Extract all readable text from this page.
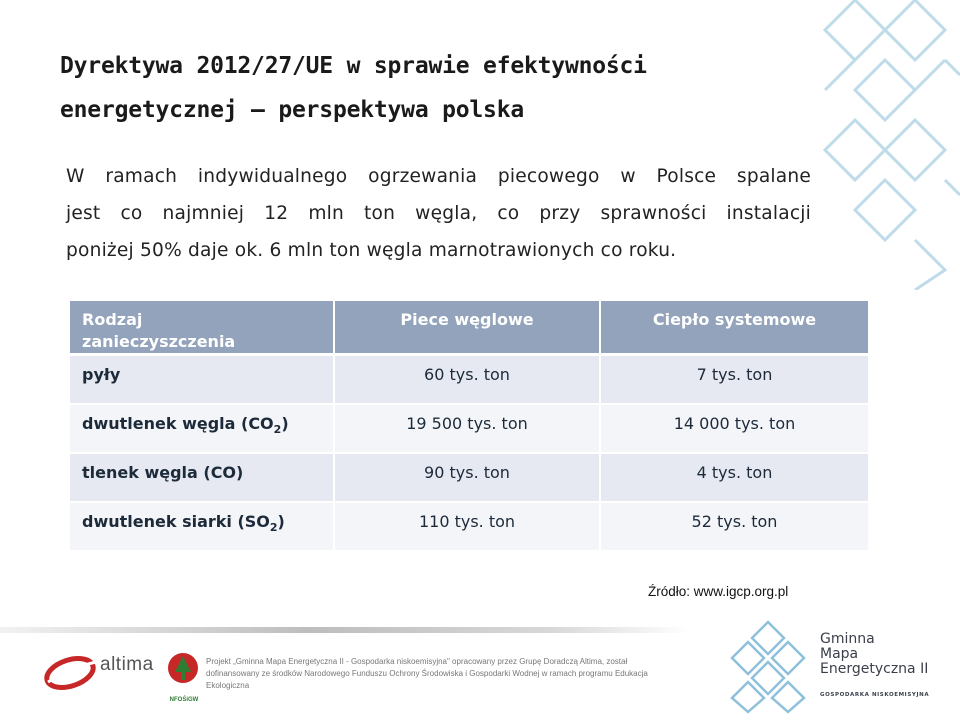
Dyrektywa 2012/27/UE w sprawie efektywności
energetycznej – perspektywa polska
W ramach indywidualnego ogrzewania piecowego w Polsce spalane
jest co najmniej 12 mln ton węgla, co przy sprawności instalacji
poniżej 50% daje ok. 6 mln ton węgla marnotrawionych co roku.
Rodzaj
zanieczyszczenia	Piece węglowe	Ciepło systemowe
pyły	60 tys. ton	7 tys. ton
dwutlenek węgla $(CO_2)$	19 500 tys. ton	14 000 tys. ton
tlenek węgla (CO)	90 tys. ton	4 tys. ton
dwutlenek siarki $(SO_2)$	110 tys. ton	52 tys. ton
Źródło: www.igcp.org.pl
altima
NFOŚiGW
Projekt „Gminna Mapa Energetyczna II - Gospodarka niskoemisyjna" opracowany przez Grupę Doradczą Altima, został dofinansowany ze środków Narodowego Funduszu Ochrony Środowiska i Gospodarki Wodnej w ramach programu Edukacja Ekologiczna
Gminna
Mapa
Energetyczna II
GOSPODARKA NISKOEMISYJNA
